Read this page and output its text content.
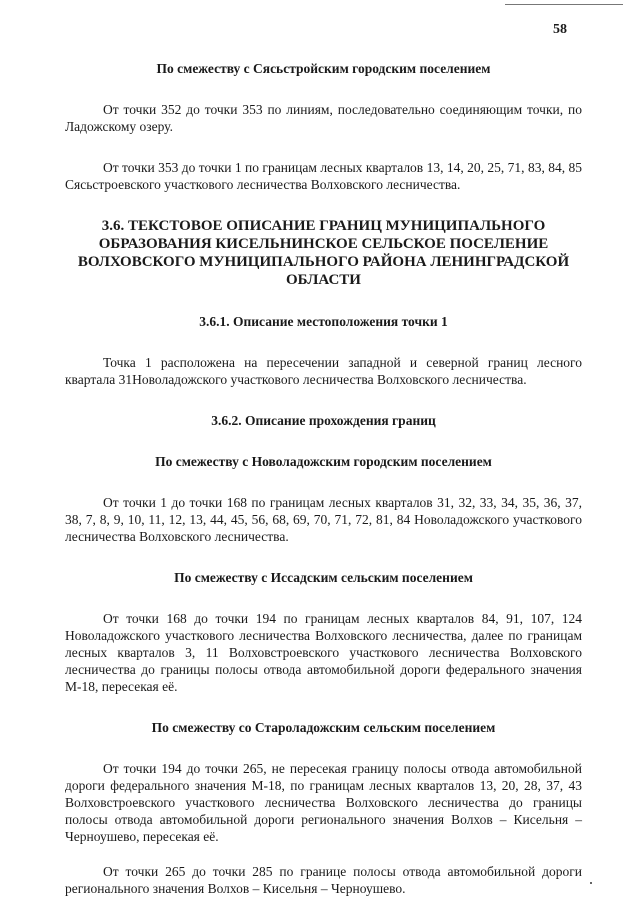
58

По смежеству с Сясьстройским городским поселением

От точки 352 до точки 353 по линиям, последовательно соединяющим точки, по Ладожскому озеру.

От точки 353 до точки 1 по границам лесных кварталов 13, 14, 20, 25, 71, 83, 84, 85 Сясьстроевского участкового лесничества Волховского лесничества.

3.6. ТЕКСТОВОЕ ОПИСАНИЕ ГРАНИЦ МУНИЦИПАЛЬНОГО ОБРАЗОВАНИЯ КИСЕЛЬНИНСКОЕ СЕЛЬСКОЕ ПОСЕЛЕНИЕ ВОЛХОВСКОГО МУНИЦИПАЛЬНОГО РАЙОНА ЛЕНИНГРАДСКОЙ ОБЛАСТИ

3.6.1. Описание местоположения точки 1

Точка 1 расположена на пересечении западной и северной границ лесного квартала 31Новоладожского участкового лесничества Волховского лесничества.

3.6.2. Описание прохождения границ

По смежеству с Новоладожским городским поселением

От точки 1 до точки 168 по границам лесных кварталов 31, 32, 33, 34, 35, 36, 37, 38, 7, 8, 9, 10, 11, 12, 13, 44, 45, 56, 68, 69, 70, 71, 72, 81, 84 Новоладожского участкового лесничества Волховского лесничества.

По смежеству с Иссадским сельским поселением

От точки 168 до точки 194 по границам лесных кварталов 84, 91, 107, 124 Новоладожского участкового лесничества Волховского лесничества, далее по границам лесных кварталов 3, 11 Волховстроевского участкового лесничества Волховского лесничества до границы полосы отвода автомобильной дороги федерального значения М-18, пересекая её.

По смежеству со Староладожским сельским поселением

От точки 194 до точки 265, не пересекая границу полосы отвода автомобильной дороги федерального значения М-18, по границам лесных кварталов 13, 20, 28, 37, 43 Волховстроевского участкового лесничества Волховского лесничества до границы полосы отвода автомобильной дороги регионального значения Волхов – Кисельня – Черноушево, пересекая её.

От точки 265 до точки 285 по границе полосы отвода автомобильной дороги регионального значения Волхов – Кисельня – Черноушево.
